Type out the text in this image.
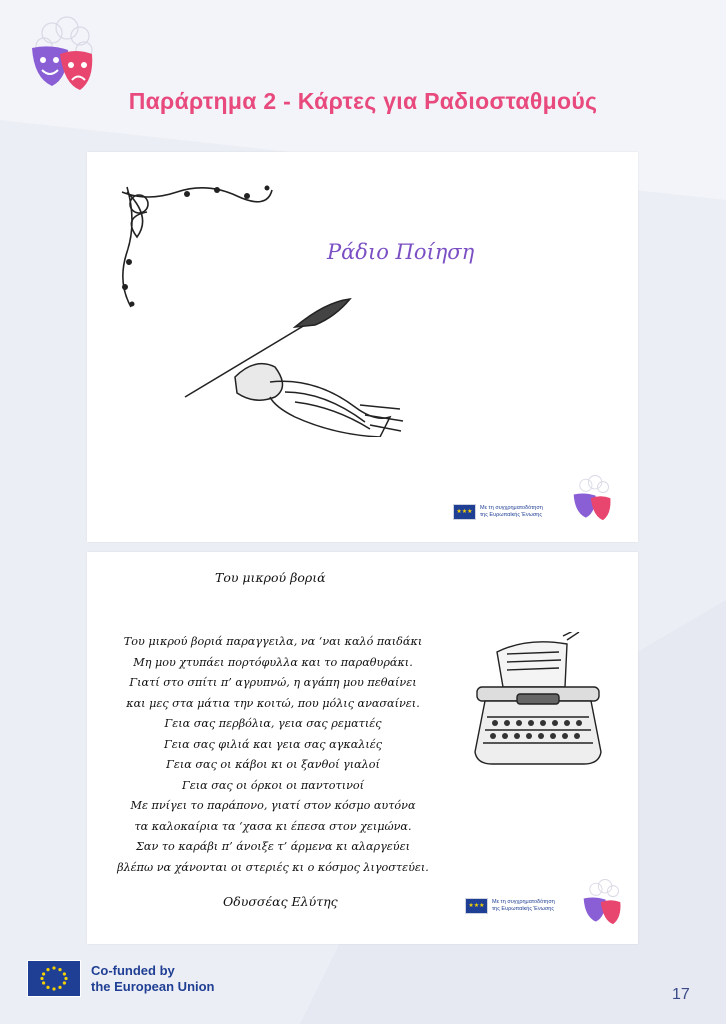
Παράρτημα 2 - Κάρτες για Ραδιοσταθμούς
Ράδιο Ποίηση
★★★	Με τη συγχρηματοδότηση
της Ευρωπαϊκής Ένωσης
Του μικρού βοριά
Του μικρού βοριά παραγγειλα, να ‘ναι καλό παιδάκι
Μη μου χτυπάει πορτόφυλλα και το παραθυράκι.
Γιατί στο σπίτι π’ αγρυπνώ, η αγάπη μου πεθαίνει
και μες στα μάτια την κοιτώ, που μόλις ανασαίνει.
Γεια σας περβόλια, γεια σας ρεματιές
Γεια σας φιλιά και γεια σας αγκαλιές
Γεια σας οι κάβοι κι οι ξανθοί γιαλοί
Γεια σας οι όρκοι οι παντοτινοί
Με πνίγει το παράπονο, γιατί στον κόσμο αυτόνα
τα καλοκαίρια τα ‘χασα κι έπεσα στον χειμώνα.
Σαν το καράβι π’ άνοιξε τ’ άρμενα κι αλαργεύει
βλέπω να χάνονται οι στεριές κι ο κόσμος λιγοστεύει.
Οδυσσέας Ελύτης	★★★	Με τη συγχρηματοδότηση
της Ευρωπαϊκής Ένωσης
Co-funded by
the European Union	17
